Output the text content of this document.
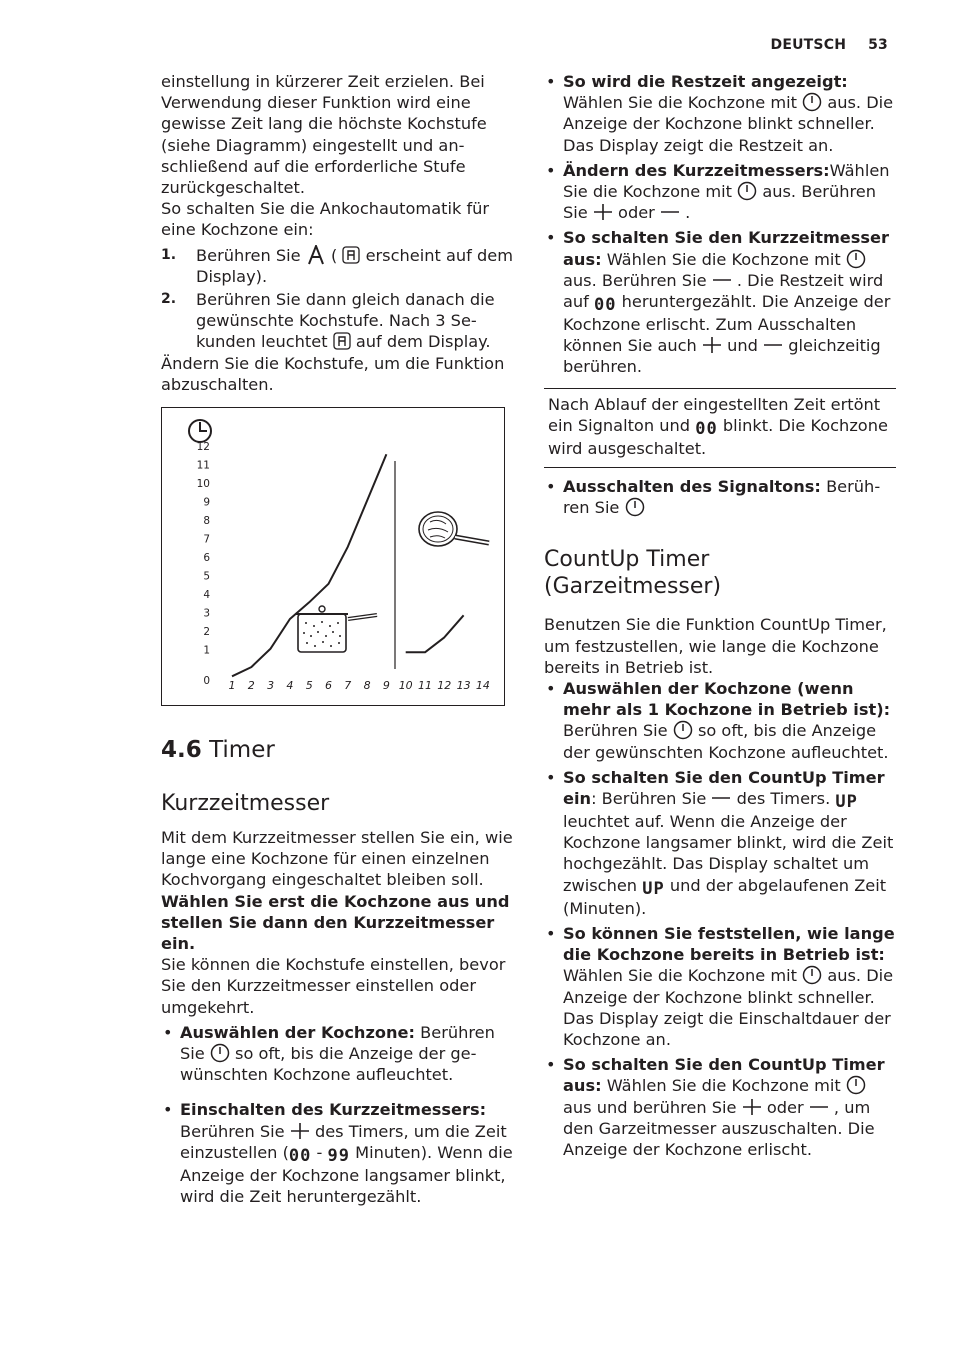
DEUTSCH 53

einstellung in kürzerer Zeit erzielen. Bei Verwendung dieser Funktion wird eine gewisse Zeit lang die höchste Kochstufe (siehe Diagramm) eingestellt und anschließend auf die erforderliche Stufe zurückgeschaltet.

So schalten Sie die Ankochautomatik für eine Kochzone ein:

1. Berühren Sie  (  erscheint auf dem Display).
2. Berühren Sie dann gleich danach die gewünschte Kochstufe. Nach 3 Sekunden leuchtet  auf dem Display.

Ändern Sie die Kochstufe, um die Funktion abzuschalten.

0
1
2
3
4
5
6
7
8
9
10
11
12
1 2 3 4 5 6 7 8 9 10 11 12 13 14
4.6 Timer
Kurzzeitmesser

Mit dem Kurzzeitmesser stellen Sie ein, wie lange eine Kochzone für einen einzelnen Kochvorgang eingeschaltet bleiben soll.

Wählen Sie erst die Kochzone aus und stellen Sie dann den Kurzzeitmesser ein.

Sie können die Kochstufe einstellen, bevor Sie den Kurzzeitmesser einstellen oder umgekehrt.

• Auswählen der Kochzone: Berühren Sie  so oft, bis die Anzeige der gewünschten Kochzone aufleuchtet.
• Einschalten des Kurzzeitmessers: Berühren Sie  des Timers, um die Zeit einzustellen (00 - 99 Minuten). Wenn die Anzeige der Kochzone langsamer blinkt, wird die Zeit heruntergezählt.
• So wird die Restzeit angezeigt:
Wählen Sie die Kochzone mit  aus. Die Anzeige der Kochzone blinkt schneller. Das Display zeigt die Restzeit an.
• Ändern des Kurzzeitmessers:Wählen Sie die Kochzone mit  aus. Berühren Sie  oder  .
• So schalten Sie den Kurzzeitmesser aus: Wählen Sie die Kochzone mit  aus. Berühren Sie  . Die Restzeit wird auf 00 heruntergezählt. Die Anzeige der Kochzone erlischt. Zum Ausschalten können Sie auch  und  gleichzeitig berühren.
Nach Ablauf der eingestellten Zeit ertönt ein Signalton und 00 blinkt. Die Kochzone wird ausgeschaltet.
• Ausschalten des Signaltons: Berühren Sie
CountUp Timer (Garzeitmesser)

Benutzen Sie die Funktion CountUp Timer, um festzustellen, wie lange die Kochzone bereits in Betrieb ist.

• Auswählen der Kochzone (wenn mehr als 1 Kochzone in Betrieb ist):
Berühren Sie  so oft, bis die Anzeige der gewünschten Kochzone aufleuchtet.
• So schalten Sie den CountUp Timer ein: Berühren Sie  des Timers. UP leuchtet auf. Wenn die Anzeige der Kochzone langsamer blinkt, wird die Zeit hochgezählt. Das Display schaltet um zwischen UP und der abgelaufenen Zeit (Minuten).
• So können Sie feststellen, wie lange die Kochzone bereits in Betrieb ist:
Wählen Sie die Kochzone mit  aus. Die Anzeige der Kochzone blinkt schneller. Das Display zeigt die Einschaltdauer der Kochzone an.
• So schalten Sie den CountUp Timer aus: Wählen Sie die Kochzone mit  aus und berühren Sie  oder  , um den Garzeitmesser auszuschalten. Die Anzeige der Kochzone erlischt.
